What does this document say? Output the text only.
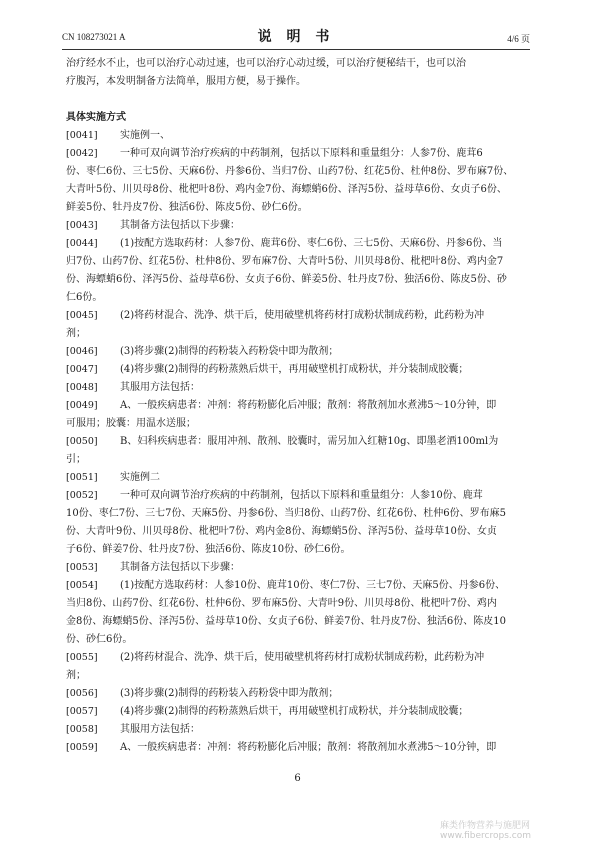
CN 108273021 A	说 明 书	4/6 页
治疗经水不止，也可以治疗心动过速，也可以治疗心动过缓，可以治疗便秘结干，也可以治
疗腹泻，本发明制备方法简单，服用方便，易于操作。
具体实施方式
[0041]	实施例一、
[0042]	一种可双向调节治疗疾病的中药制剂，包括以下原料和重量组分：人参7份、鹿茸6
份、枣仁6份、三七5份、天麻6份、丹参6份、当归7份、山药7份、红花5份、杜仲8份、罗布麻7份、
大青叶5份、川贝母8份、枇杷叶8份、鸡内金7份、海螵蛸6份、泽泻5份、益母草6份、女贞子6份、
鲜姜5份、牡丹皮7份、独活6份、陈皮5份、砂仁6份。
[0043]	其制备方法包括以下步骤：
[0044]	(1)按配方选取药材：人参7份、鹿茸6份、枣仁6份、三七5份、天麻6份、丹参6份、当
归7份、山药7份、红花5份、杜仲8份、罗布麻7份、大青叶5份、川贝母8份、枇杷叶8份、鸡内金7
份、海螵蛸6份、泽泻5份、益母草6份、女贞子6份、鲜姜5份、牡丹皮7份、独活6份、陈皮5份、砂
仁6份。
[0045]	(2)将药材混合、洗净、烘干后，使用破壁机将药材打成粉状制成药粉，此药粉为冲
剂；
[0046]	(3)将步骤(2)制得的药粉装入药粉袋中即为散剂；
[0047]	(4)将步骤(2)制得的药粉蒸熟后烘干，再用破壁机打成粉状，并分装制成胶囊；
[0048]	其服用方法包括：
[0049]	A、一般疾病患者：冲剂：将药粉膨化后冲服；散剂：将散剂加水煮沸5～10分钟，即
可服用；胶囊：用温水送服；
[0050]	B、妇科疾病患者：服用冲剂、散剂、胶囊时，需另加入红糖10g、即墨老酒100ml为
引；
[0051]	实施例二
[0052]	一种可双向调节治疗疾病的中药制剂，包括以下原料和重量组分：人参10份、鹿茸
10份、枣仁7份、三七7份、天麻5份、丹参6份、当归8份、山药7份、红花6份、杜仲6份、罗布麻5
份、大青叶9份、川贝母8份、枇杷叶7份、鸡内金8份、海螵蛸5份、泽泻5份、益母草10份、女贞
子6份、鲜姜7份、牡丹皮7份、独活6份、陈皮10份、砂仁6份。
[0053]	其制备方法包括以下步骤：
[0054]	(1)按配方选取药材：人参10份、鹿茸10份、枣仁7份、三七7份、天麻5份、丹参6份、
当归8份、山药7份、红花6份、杜仲6份、罗布麻5份、大青叶9份、川贝母8份、枇杷叶7份、鸡内
金8份、海螵蛸5份、泽泻5份、益母草10份、女贞子6份、鲜姜7份、牡丹皮7份、独活6份、陈皮10
份、砂仁6份。
[0055]	(2)将药材混合、洗净、烘干后，使用破壁机将药材打成粉状制成药粉，此药粉为冲
剂；
[0056]	(3)将步骤(2)制得的药粉装入药粉袋中即为散剂；
[0057]	(4)将步骤(2)制得的药粉蒸熟后烘干，再用破壁机打成粉状，并分装制成胶囊；
[0058]	其服用方法包括：
[0059]	A、一般疾病患者：冲剂：将药粉膨化后冲服；散剂：将散剂加水煮沸5～10分钟，即
6
麻类作物营养与施肥网 www.fibercrops.com
